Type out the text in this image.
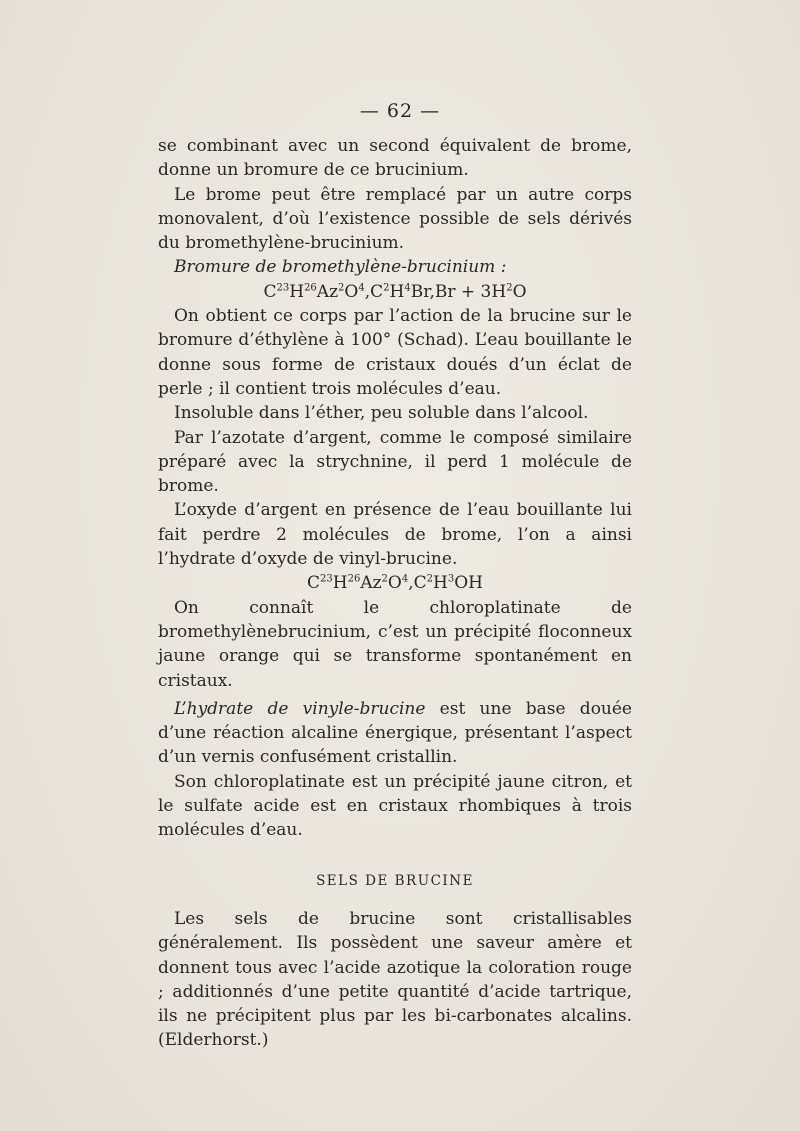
— 62 —

se combinant avec un second équivalent de brome, donne un bromure de ce brucinium.

Le brome peut être remplacé par un autre corps monovalent, d’où l’existence possible de sels dérivés du bromethylène-brucinium.

Bromure de bromethylène-brucinium :

$C^{23}H^{26}Az^2O^4,C^2H^4Br,Br + 3H^2O$

On obtient ce corps par l’action de la brucine sur le bromure d’éthylène à 100° (Schad). L’eau bouillante le donne sous forme de cristaux doués d’un éclat de perle ; il contient trois molécules d’eau.

Insoluble dans l’éther, peu soluble dans l’alcool.

Par l’azotate d’argent, comme le composé similaire préparé avec la strychnine, il perd 1 molécule de brome.

L’oxyde d’argent en présence de l’eau bouillante lui fait perdre 2 molécules de brome, l’on a ainsi l’hydrate d’oxyde de vinyl-brucine.

$C^{23}H^{26}Az^2O^4,C^2H^3OH$

On connaît le chloroplatinate de bromethylènebrucinium, c’est un précipité floconneux jaune orange qui se transforme spontanément en cristaux.

L’hydrate de vinyle-brucine est une base douée d’une réaction alcaline énergique, présentant l’aspect d’un vernis confusément cristallin.

Son chloroplatinate est un précipité jaune citron, et le sulfate acide est en cristaux rhombiques à trois molécules d’eau.

SELS DE BRUCINE

Les sels de brucine sont cristallisables généralement. Ils possèdent une saveur amère et donnent tous avec l’acide azotique la coloration rouge ; additionnés d’une petite quantité d’acide tartrique, ils ne précipitent plus par les bi-carbonates alcalins. (Elderhorst.)
